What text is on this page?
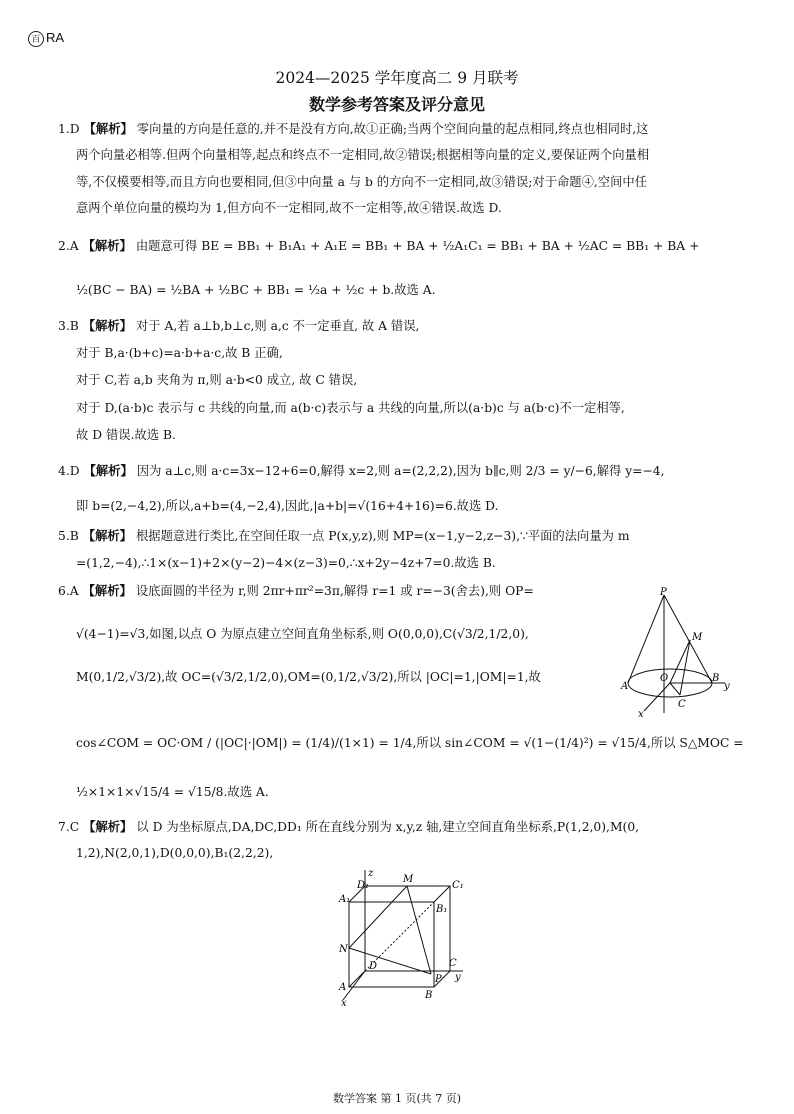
百 RA
2024—2025 学年度高二 9 月联考
数学参考答案及评分意见
1.D 【解析】 零向量的方向是任意的,并不是没有方向,故①正确;当两个空间向量的起点相同,终点也相同时,这
两个向量必相等.但两个向量相等,起点和终点不一定相同,故②错误;根据相等向量的定义,要保证两个向量相
等,不仅模要相等,而且方向也要相同,但③中向量 a 与 b 的方向不一定相同,故③错误;对于命题④,空间中任
意两个单位向量的模均为 1,但方向不一定相同,故不一定相等,故④错误.故选 D.
2.A 【解析】 由题意可得 BE = BB₁ + B₁A₁ + A₁E = BB₁ + BA + ½A₁C₁ = BB₁ + BA + ½AC = BB₁ + BA +
½(BC − BA) = ½BA + ½BC + BB₁ = ½a + ½c + b.故选 A.
3.B 【解析】 对于 A,若 a⊥b,b⊥c,则 a,c 不一定垂直, 故 A 错误,
对于 B,a·(b+c)=a·b+a·c,故 B 正确,
对于 C,若 a,b 夹角为 π,则 a·b<0 成立, 故 C 错误,
对于 D,(a·b)c 表示与 c 共线的向量,而 a(b·c)表示与 a 共线的向量,所以(a·b)c 与 a(b·c)不一定相等,
故 D 错误.故选 B.
4.D 【解析】 因为 a⊥c,则 a·c=3x−12+6=0,解得 x=2,则 a=(2,2,2),因为 b∥c,则 2/3 = y/−6,解得 y=−4,
即 b=(2,−4,2),所以,a+b=(4,−2,4),因此,|a+b|=√(16+4+16)=6.故选 D.
5.B 【解析】 根据题意进行类比,在空间任取一点 P(x,y,z),则 MP=(x−1,y−2,z−3),∵平面的法向量为 m
=(1,2,−4),∴1×(x−1)+2×(y−2)−4×(z−3)=0,∴x+2y−4z+7=0.故选 B.
6.A 【解析】 设底面圆的半径为 r,则 2πr+πr²=3π,解得 r=1 或 r=−3(舍去),则 OP=
√(4−1)=√3,如图,以点 O 为原点建立空间直角坐标系,则 O(0,0,0),C(√3/2,1/2,0),
M(0,1/2,√3/2),故 OC=(√3/2,1/2,0),OM=(0,1/2,√3/2),所以 |OC|=1,|OM|=1,故
cos∠COM = OC·OM / (|OC|·|OM|) = (1/4)/(1×1) = 1/4,所以 sin∠COM = √(1−(1/4)²) = √15/4,所以 S△MOC =
½×1×1×√15/4 = √15/8.故选 A.
P
M
O
A
B
C
x
y
7.C 【解析】 以 D 为坐标原点,DA,DC,DD₁ 所在直线分别为 x,y,z 轴,建立空间直角坐标系,P(1,2,0),M(0,
1,2),N(2,0,1),D(0,0,0),B₁(2,2,2),
D₁
M
C₁
A₁
B₁
N
D	C
A
B
P
x
y
z
数学答案 第 1 页(共 7 页)
